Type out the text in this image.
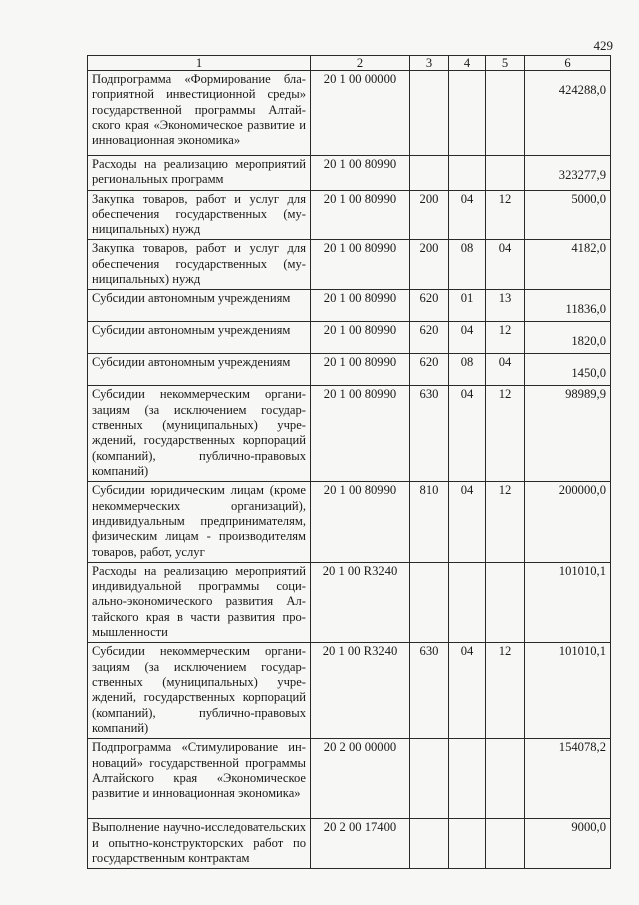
429
1	2	3	4	5	6
Подпрограмма «Формирование благоприятной инвестиционной среды» государственной программы Алтайского края «Экономическое развитие и инновационная экономика»	20 1 00 00000				424288,0
Расходы на реализацию мероприятий региональных программ	20 1 00 80990				323277,9
Закупка товаров, работ и услуг для обеспечения государственных (муниципальных) нужд	20 1 00 80990	200	04	12	5000,0
Закупка товаров, работ и услуг для обеспечения государственных (муниципальных) нужд	20 1 00 80990	200	08	04	4182,0
Субсидии автономным учреждениям	20 1 00 80990	620	01	13	11836,0
Субсидии автономным учреждениям	20 1 00 80990	620	04	12	1820,0
Субсидии автономным учреждениям	20 1 00 80990	620	08	04	1450,0
Субсидии некоммерческим организациям (за исключением государственных (муниципальных) учреждений, государственных корпораций (компаний), публично-правовых компаний)	20 1 00 80990	630	04	12	98989,9
Субсидии юридическим лицам (кроме некоммерческих организаций), индивидуальным предпринимателям, физическим лицам - производителям товаров, работ, услуг	20 1 00 80990	810	04	12	200000,0
Расходы на реализацию мероприятий индивидуальной программы социально-экономического развития Алтайского края в части развития промышленности	20 1 00 R3240				101010,1
Субсидии некоммерческим организациям (за исключением государственных (муниципальных) учреждений, государственных корпораций (компаний), публично-правовых компаний)	20 1 00 R3240	630	04	12	101010,1
Подпрограмма «Стимулирование инноваций» государственной программы Алтайского края «Экономическое развитие и инновационная экономика»	20 2 00 00000				154078,2
Выполнение научно-исследовательских и опытно-конструкторских работ по государственным контрактам	20 2 00 17400				9000,0
